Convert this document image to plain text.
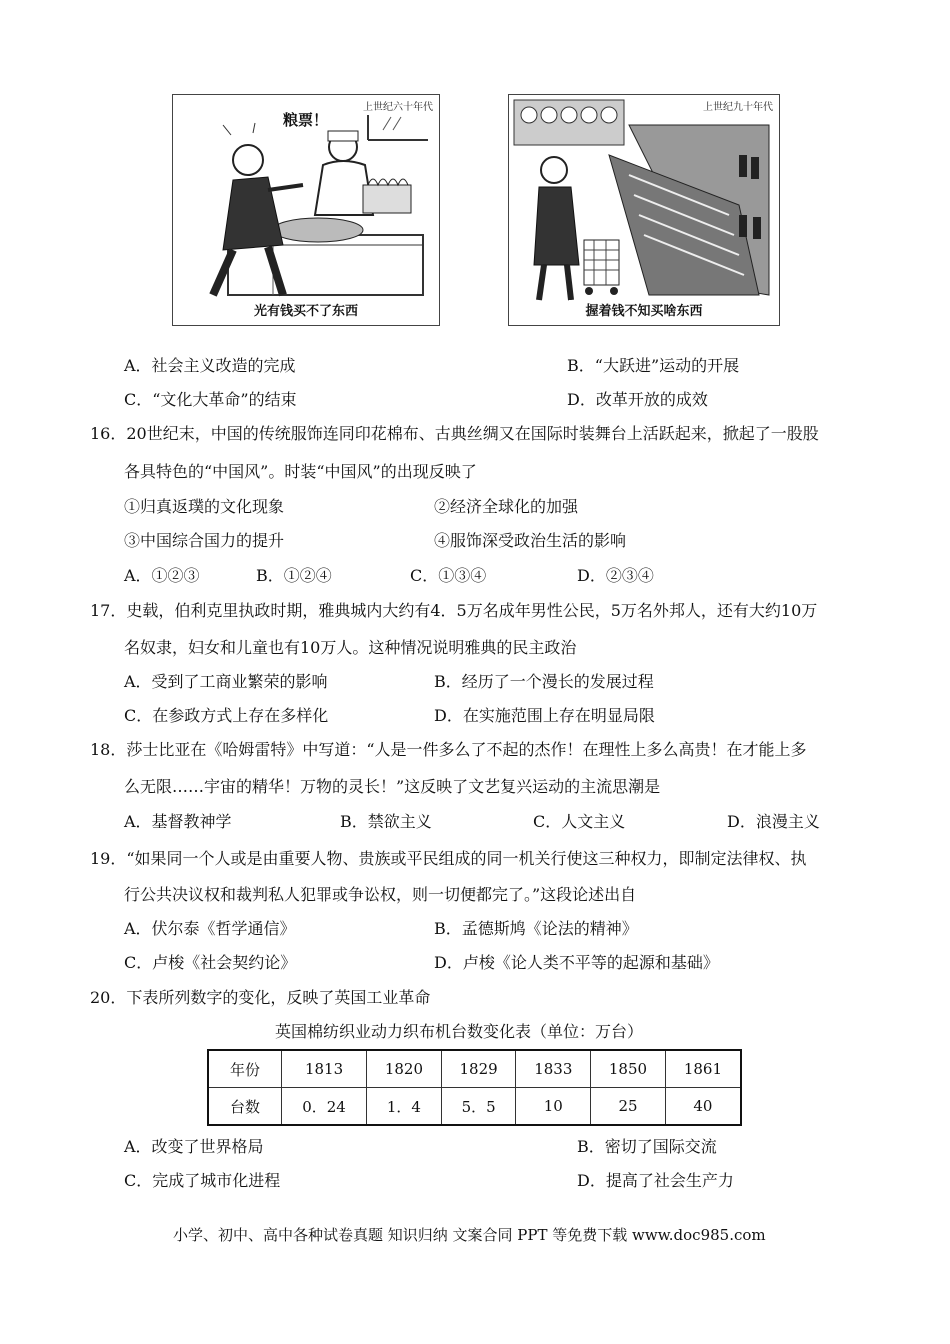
上世纪六十年代
粮票！
光有钱买不了东西
上世纪九十年代
握着钱不知买啥东西
A．社会主义改造的完成	B．“大跃进”运动的开展
C．“文化大革命”的结束	D．改革开放的成效
16．20世纪末，中国的传统服饰连同印花棉布、古典丝绸又在国际时装舞台上活跃起来，掀起了一股股
各具特色的“中国风”。时装“中国风”的出现反映了
①归真返璞的文化现象	②经济全球化的加强
③中国综合国力的提升	④服饰深受政治生活的影响
A．①②③	B．①②④	C．①③④	D．②③④
17．史载，伯利克里执政时期，雅典城内大约有4．5万名成年男性公民，5万名外邦人，还有大约10万
名奴隶，妇女和儿童也有10万人。这种情况说明雅典的民主政治
A．受到了工商业繁荣的影响	B．经历了一个漫长的发展过程
C．在参政方式上存在多样化	D．在实施范围上存在明显局限
18．莎士比亚在《哈姆雷特》中写道：“人是一件多么了不起的杰作！在理性上多么高贵！在才能上多
么无限……宇宙的精华！万物的灵长！”这反映了文艺复兴运动的主流思潮是
A．基督教神学	B．禁欲主义	C．人文主义	D．浪漫主义
19．“如果同一个人或是由重要人物、贵族或平民组成的同一机关行使这三种权力，即制定法律权、执
行公共决议权和裁判私人犯罪或争讼权，则一切便都完了。”这段论述出自
A．伏尔泰《哲学通信》	B．孟德斯鸠《论法的精神》
C．卢梭《社会契约论》	D．卢梭《论人类不平等的起源和基础》
20．下表所列数字的变化，反映了英国工业革命
英国棉纺织业动力织布机台数变化表（单位：万台）
年份	1813	1820	1829	1833	1850	1861
台数	0．24	1．4	5．5	10	25	40
A．改变了世界格局	B．密切了国际交流
C．完成了城市化进程	D．提高了社会生产力
小学、初中、高中各种试卷真题 知识归纳 文案合同 PPT 等免费下载 www.doc985.com
